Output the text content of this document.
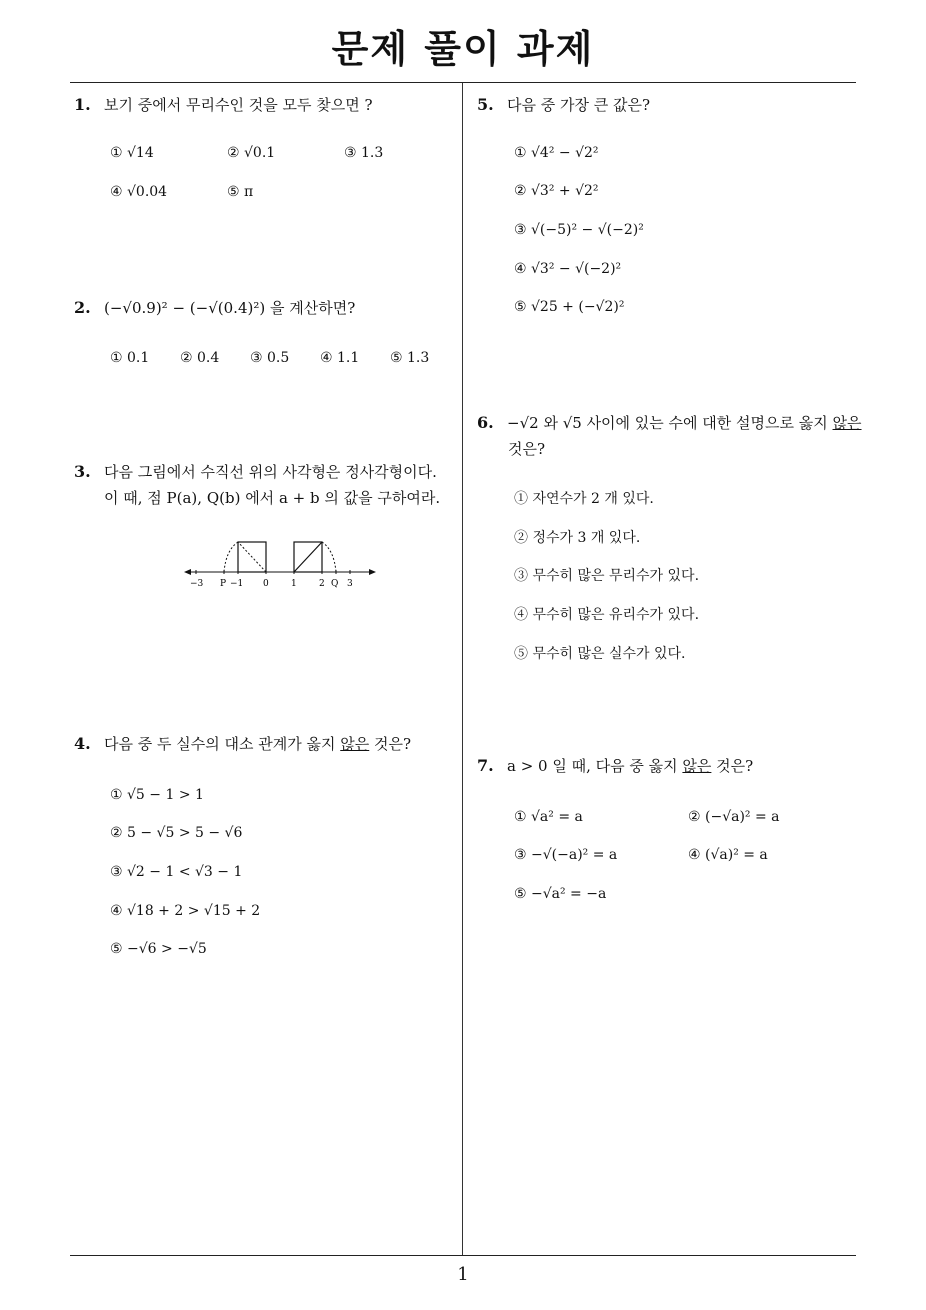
문제 풀이 과제
1
1. 보기 중에서 무리수인 것을 모두 찾으면 ?
① √14	② √0.1	③ 1.3
④ √0.04	⑤ π
2. (−√0.9)² − (−√(0.4)²) 을 계산하면?
① 0.1 ② 0.4 ③ 0.5 ④ 1.1 ⑤ 1.3
3. 다음 그림에서 수직선 위의 사각형은 정사각형이다.
이 때, 점 P(a), Q(b) 에서 a + b 의 값을 구하여라.
−3 P −1 0 1 2 Q 3
4. 다음 중 두 실수의 대소 관계가 옳지 않은 것은?
① √5 − 1 > 1
② 5 − √5 > 5 − √6
③ √2 − 1 < √3 − 1
④ √18 + 2 > √15 + 2
⑤ −√6 > −√5
5. 다음 중 가장 큰 값은?
① √4² − √2²
② √3² + √2²
③ √(−5)² − √(−2)²
④ √3² − √(−2)²
⑤ √25 + (−√2)²
6. −√2 와 √5 사이에 있는 수에 대한 설명으로 옳지 않은
것은?
① 자연수가 2 개 있다.
② 정수가 3 개 있다.
③ 무수히 많은 무리수가 있다.
④ 무수히 많은 유리수가 있다.
⑤ 무수히 많은 실수가 있다.
7. a > 0 일 때, 다음 중 옳지 않은 것은?
① √a² = a	② (−√a)² = a
③ −√(−a)² = a	④ (√a)² = a
⑤ −√a² = −a
